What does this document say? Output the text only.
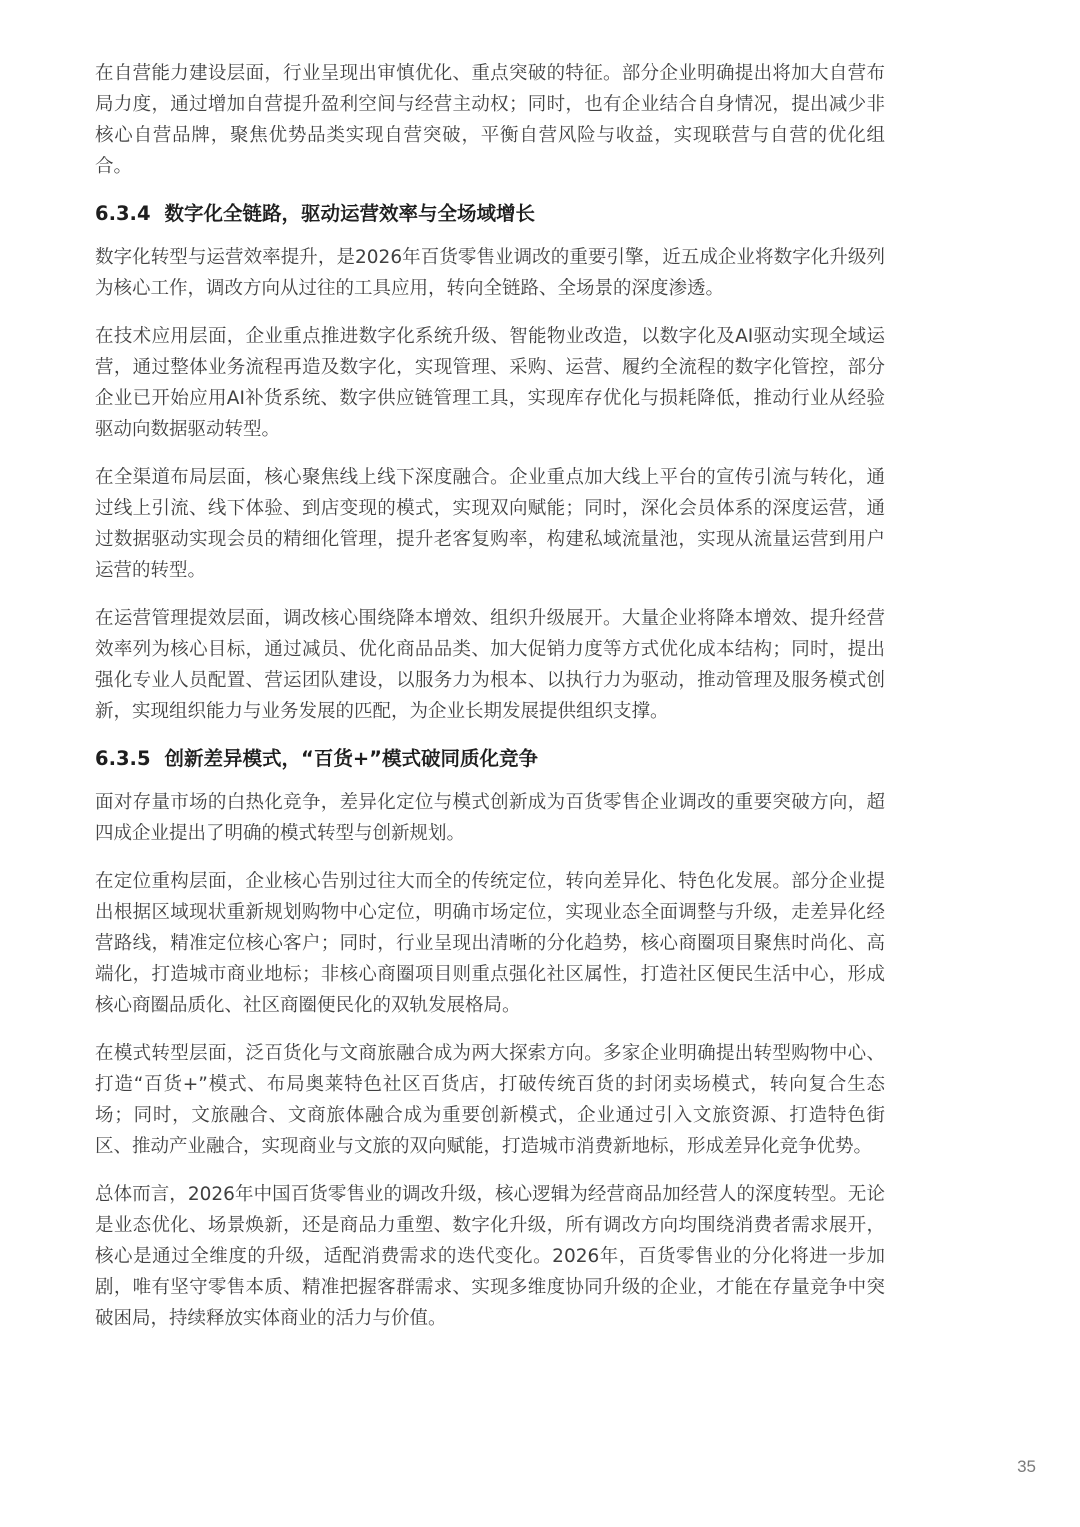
在自营能力建设层面，行业呈现出审慎优化、重点突破的特征。部分企业明确提出将加大自营布局力度，通过增加自营提升盈利空间与经营主动权；同时，也有企业结合自身情况，提出减少非核心自营品牌，聚焦优势品类实现自营突破，平衡自营风险与收益，实现联营与自营的优化组合。

6.3.4 数字化全链路，驱动运营效率与全场域增长

数字化转型与运营效率提升，是2026年百货零售业调改的重要引擎，近五成企业将数字化升级列为核心工作，调改方向从过往的工具应用，转向全链路、全场景的深度渗透。

在技术应用层面，企业重点推进数字化系统升级、智能物业改造，以数字化及AI驱动实现全域运营，通过整体业务流程再造及数字化，实现管理、采购、运营、履约全流程的数字化管控，部分企业已开始应用AI补货系统、数字供应链管理工具，实现库存优化与损耗降低，推动行业从经验驱动向数据驱动转型。

在全渠道布局层面，核心聚焦线上线下深度融合。企业重点加大线上平台的宣传引流与转化，通过线上引流、线下体验、到店变现的模式，实现双向赋能；同时，深化会员体系的深度运营，通过数据驱动实现会员的精细化管理，提升老客复购率，构建私域流量池，实现从流量运营到用户运营的转型。

在运营管理提效层面，调改核心围绕降本增效、组织升级展开。大量企业将降本增效、提升经营效率列为核心目标，通过减员、优化商品品类、加大促销力度等方式优化成本结构；同时，提出强化专业人员配置、营运团队建设，以服务力为根本、以执行力为驱动，推动管理及服务模式创新，实现组织能力与业务发展的匹配，为企业长期发展提供组织支撑。

6.3.5 创新差异模式，“百货+”模式破同质化竞争

面对存量市场的白热化竞争，差异化定位与模式创新成为百货零售企业调改的重要突破方向，超四成企业提出了明确的模式转型与创新规划。

在定位重构层面，企业核心告别过往大而全的传统定位，转向差异化、特色化发展。部分企业提出根据区域现状重新规划购物中心定位，明确市场定位，实现业态全面调整与升级，走差异化经营路线，精准定位核心客户；同时，行业呈现出清晰的分化趋势，核心商圈项目聚焦时尚化、高端化，打造城市商业地标；非核心商圈项目则重点强化社区属性，打造社区便民生活中心，形成核心商圈品质化、社区商圈便民化的双轨发展格局。

在模式转型层面，泛百货化与文商旅融合成为两大探索方向。多家企业明确提出转型购物中心、打造“百货+”模式、布局奥莱特色社区百货店，打破传统百货的封闭卖场模式，转向复合生态场；同时，文旅融合、文商旅体融合成为重要创新模式，企业通过引入文旅资源、打造特色街区、推动产业融合，实现商业与文旅的双向赋能，打造城市消费新地标，形成差异化竞争优势。

总体而言，2026年中国百货零售业的调改升级，核心逻辑为经营商品加经营人的深度转型。无论是业态优化、场景焕新，还是商品力重塑、数字化升级，所有调改方向均围绕消费者需求展开，核心是通过全维度的升级，适配消费需求的迭代变化。2026年，百货零售业的分化将进一步加剧，唯有坚守零售本质、精准把握客群需求、实现多维度协同升级的企业，才能在存量竞争中突破困局，持续释放实体商业的活力与价值。

35
